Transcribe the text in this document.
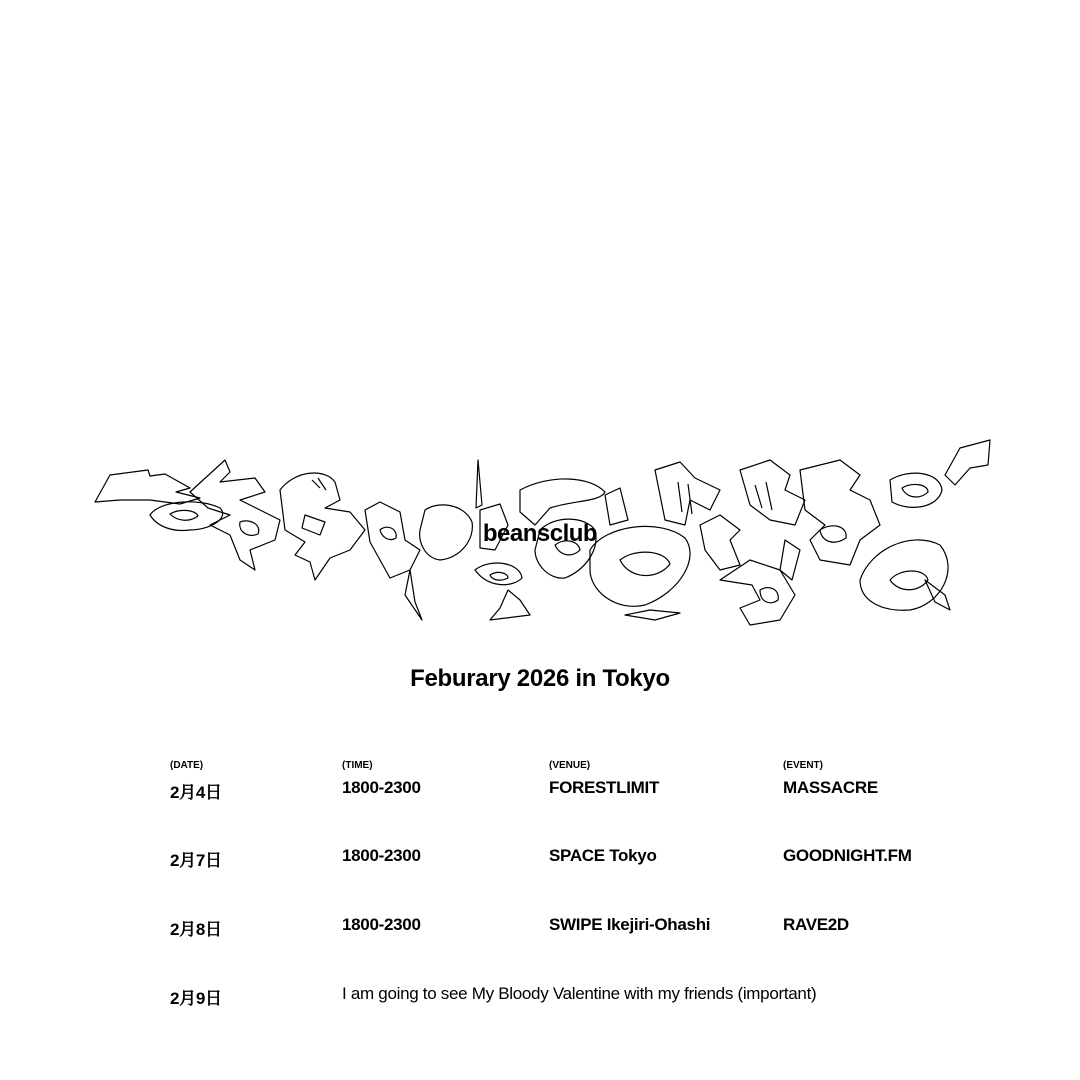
beansclub
Feburary 2026 in Tokyo
(DATE)	(TIME)	(VENUE)	(EVENT)
2月4日	1800-2300	FORESTLIMIT	MASSACRE
2月7日	1800-2300	SPACE Tokyo	GOODNIGHT.FM
2月8日	1800-2300	SWIPE Ikejiri-Ohashi	RAVE2D
2月9日	I am going to see My Bloody Valentine with my friends (important)
